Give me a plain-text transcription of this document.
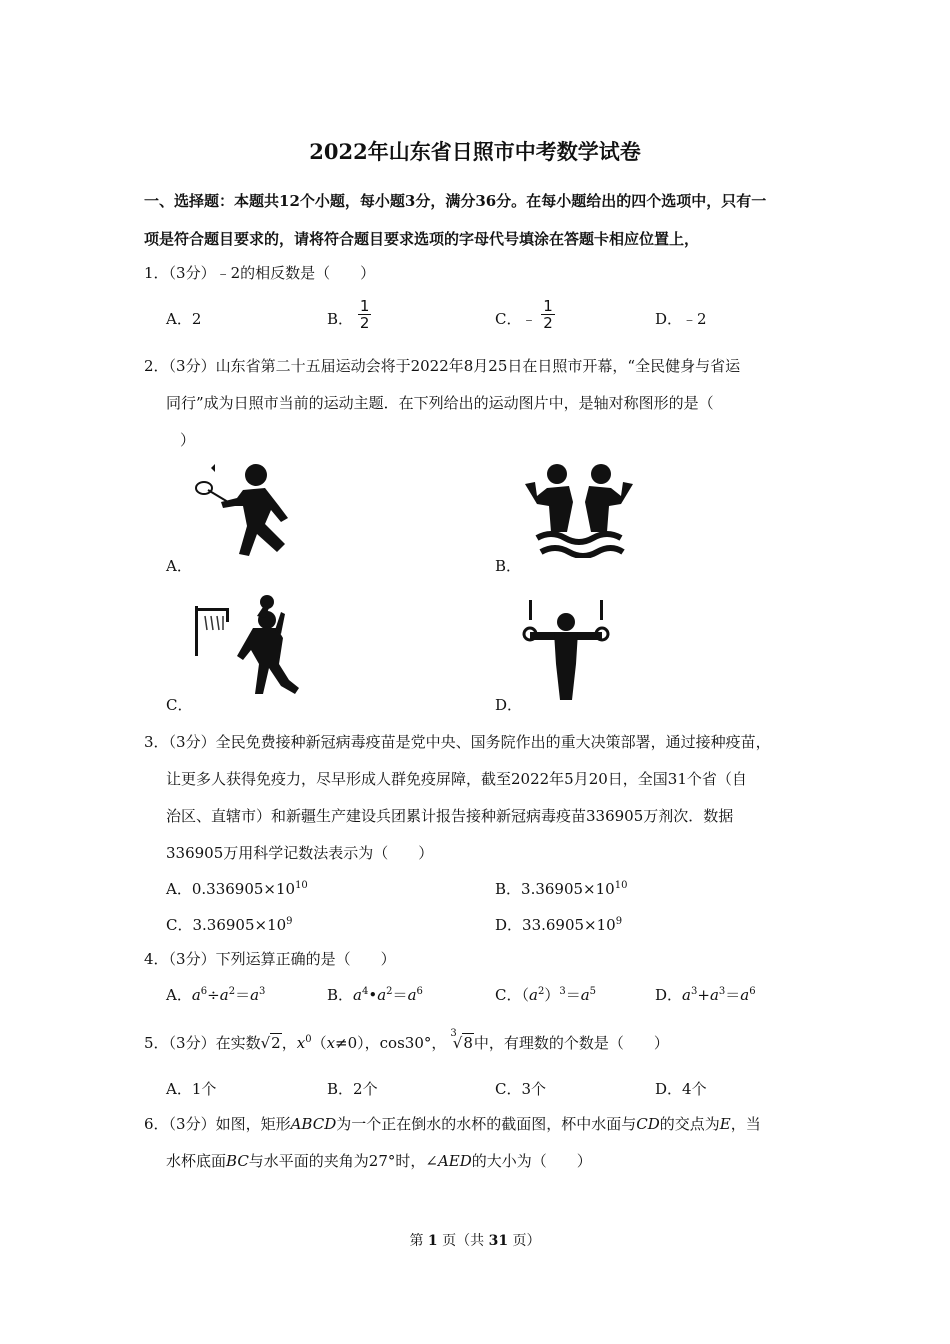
2022年山东省日照市中考数学试卷
一、选择题：本题共12个小题，每小题3分，满分36分。在每小题给出的四个选项中，只有一
项是符合题目要求的，请将符合题目要求选项的字母代号填涂在答题卡相应位置上，
1．（3分）﹣2的相反数是（　　）
A．2	B． $\frac{1}{2}$	C．﹣ $\frac{1}{2}$	D．﹣2
2．（3分）山东省第二十五届运动会将于2022年8月25日在日照市开幕，“全民健身与省运
同行”成为日照市当前的运动主题．在下列给出的运动图片中，是轴对称图形的是（
）
A．	B．
C．	D．
3．（3分）全民免费接种新冠病毒疫苗是党中央、国务院作出的重大决策部署，通过接种疫苗，
让更多人获得免疫力，尽早形成人群免疫屏障，截至2022年5月20日，全国31个省（自
治区、直辖市）和新疆生产建设兵团累计报告接种新冠病毒疫苗336905万剂次．数据
336905万用科学记数法表示为（　　）
A．$0.336905\times 10^{10}$	B．$3.36905\times 10^{10}$
C．$3.36905\times 10^9$	D．$33.6905\times 10^9$
4．（3分）下列运算正确的是（　　）
A．$a^6\div a^2=a^3$	B．$a^4•a^2=a^6$	C．$(a^2)^3=a^5$	D．$a^3+a^3=a^6$
5．（3分）在实数√2，$x^0(x\ne 0)$，cos30°，$^3$√8中，有理数的个数是（　　）
A．1个	B．2个	C．3个	D．4个
6．（3分）如图，矩形ABCD为一个正在倒水的水杯的截面图，杯中水面与CD的交点为E，当
水杯底面BC与水平面的夹角为27°时，∠AED的大小为（　　）
第 1 页（共 31 页）
